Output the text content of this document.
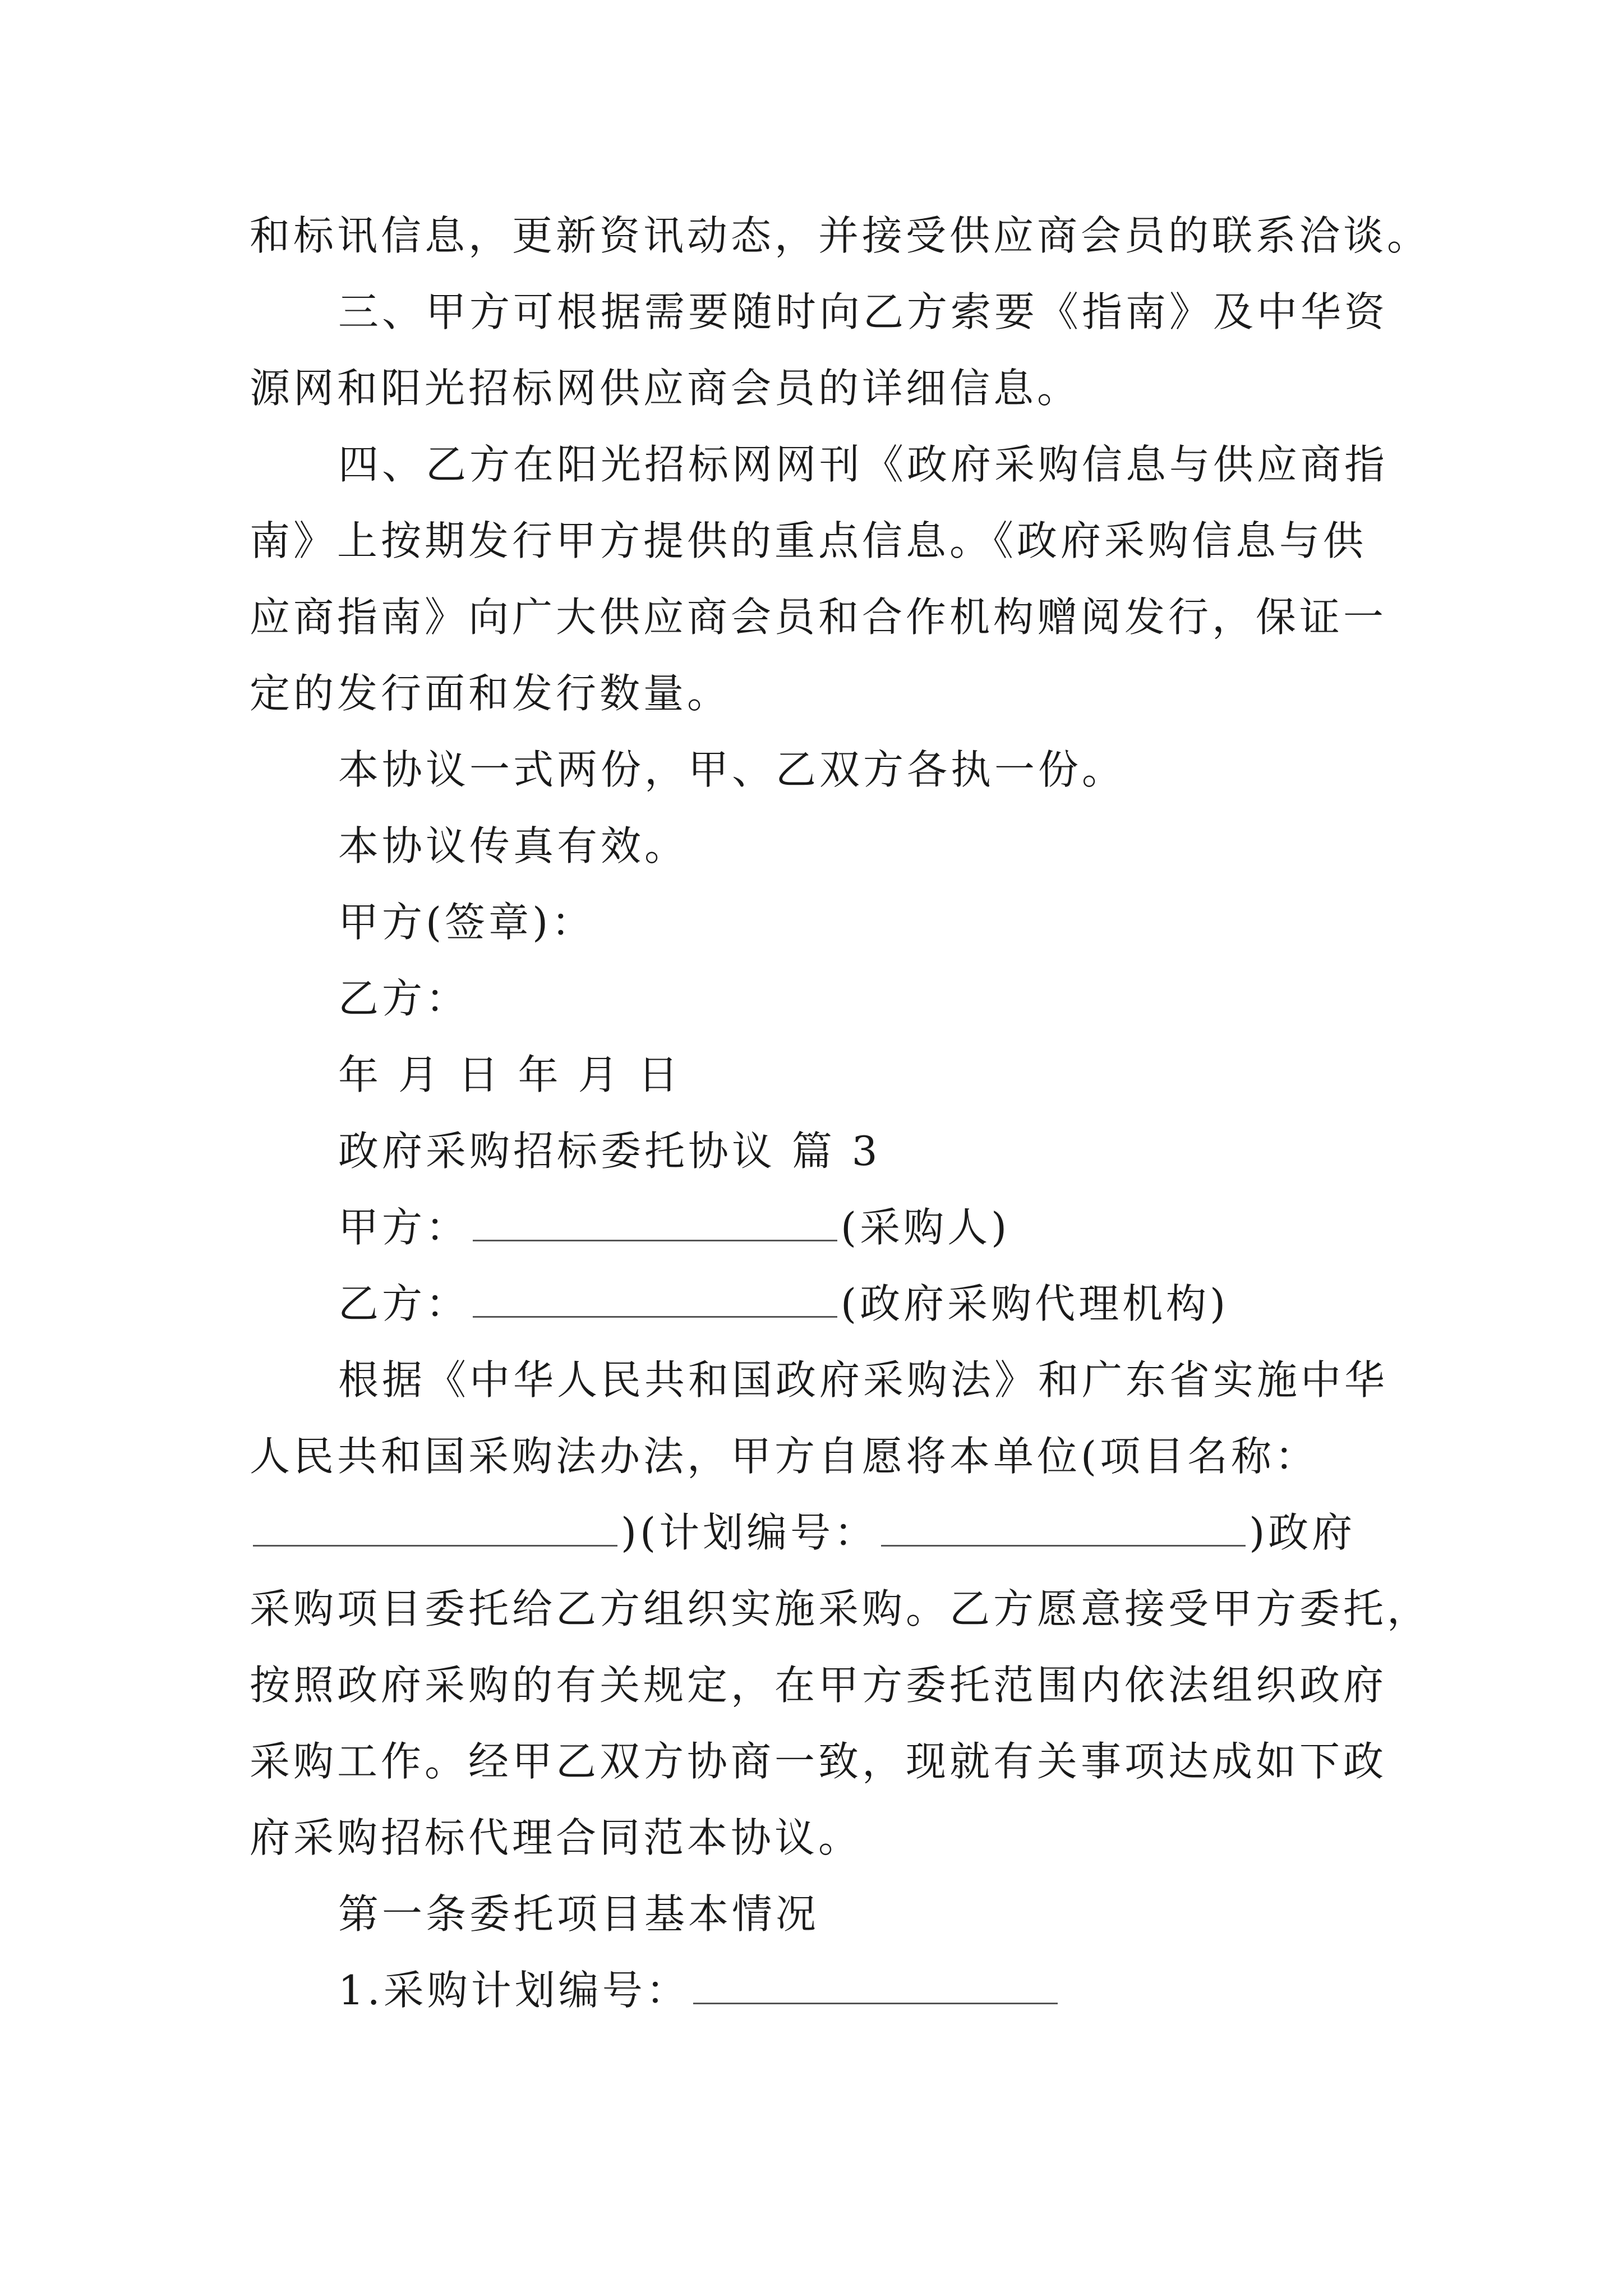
和标讯信息，更新资讯动态，并接受供应商会员的联系洽谈。
三、甲方可根据需要随时向乙方索要《指南》及中华资
源网和阳光招标网供应商会员的详细信息。
四、乙方在阳光招标网网刊《政府采购信息与供应商指
南》上按期发行甲方提供的重点信息。《政府采购信息与供
应商指南》向广大供应商会员和合作机构赠阅发行，保证一
定的发行面和发行数量。
本协议一式两份，甲、乙双方各执一份。
本协议传真有效。
甲方(签章)：
乙方：
年 月 日 年 月 日
政府采购招标委托协议 篇 3
甲方：	(采购人)
乙方：	(政府采购代理机构)
根据《中华人民共和国政府采购法》和广东省实施中华
人民共和国采购法办法，甲方自愿将本单位(项目名称：
)(计划编号：	)政府
采购项目委托给乙方组织实施采购。乙方愿意接受甲方委托，
按照政府采购的有关规定，在甲方委托范围内依法组织政府
采购工作。经甲乙双方协商一致，现就有关事项达成如下政
府采购招标代理合同范本协议。
第一条委托项目基本情况
1.采购计划编号：
